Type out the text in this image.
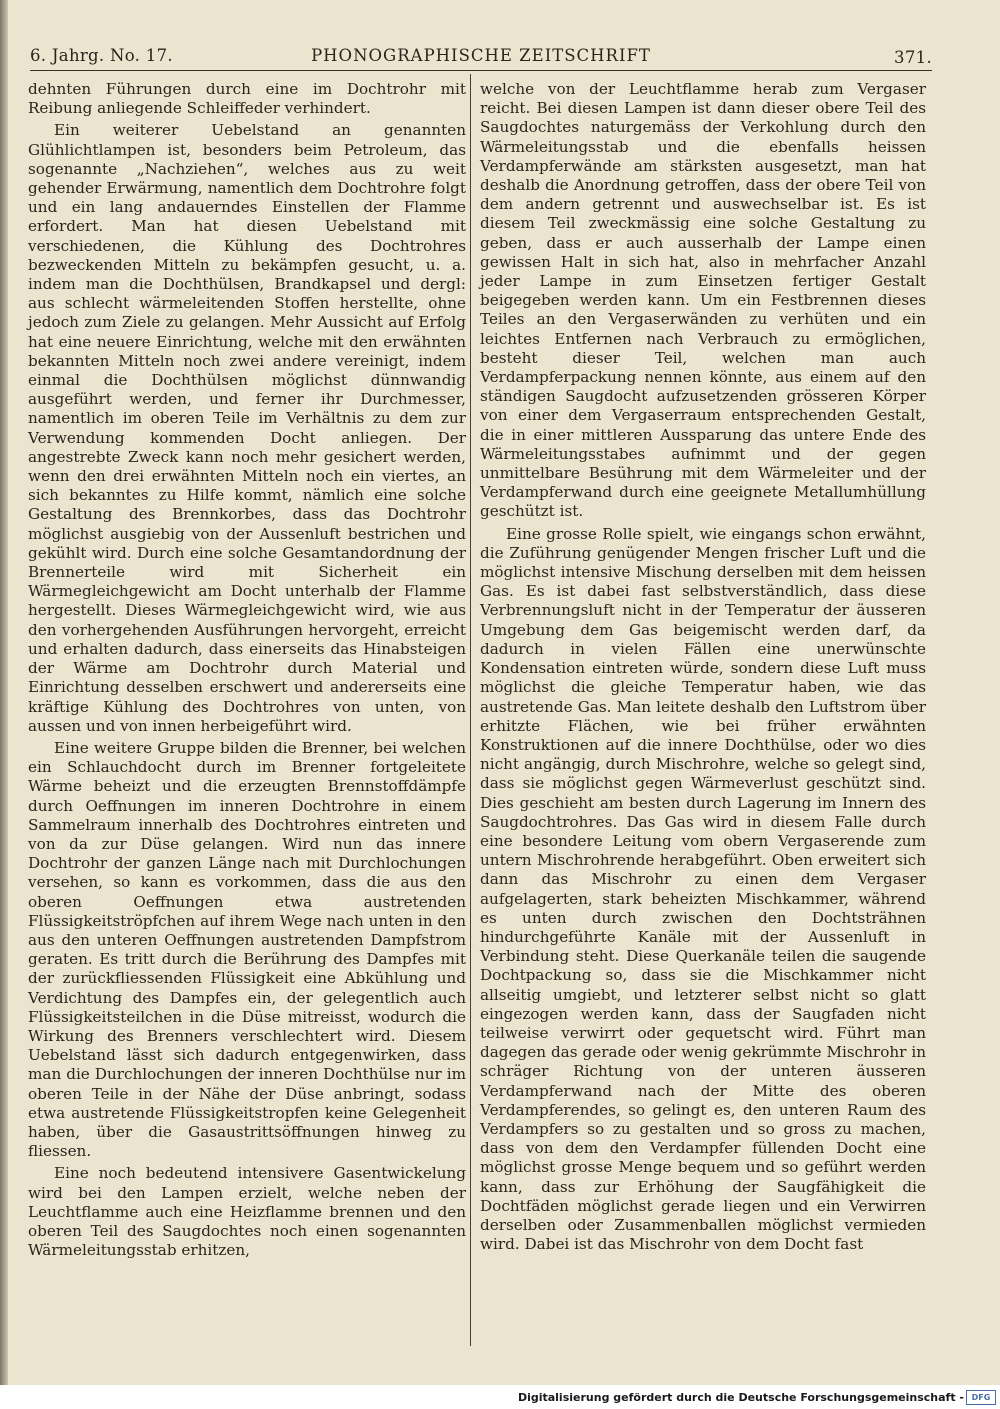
6. Jahrg. No. 17.	PHONOGRAPHISCHE ZEITSCHRIFT	371.

dehnten Führungen durch eine im Dochtrohr mit Reibung anliegende Schleiffeder verhindert.

Ein weiterer Uebelstand an genannten Glühlichtlampen ist, besonders beim Petroleum, das sogenannte „Nachziehen“, welches aus zu weit gehender Erwärmung, namentlich dem Dochtrohre folgt und ein lang andauerndes Einstellen der Flamme erfordert. Man hat diesen Uebelstand mit verschiedenen, die Kühlung des Dochtrohres bezweckenden Mitteln zu bekämpfen gesucht, u. a. indem man die Dochthülsen, Brandkapsel und dergl: aus schlecht wärmeleitenden Stoffen herstellte, ohne jedoch zum Ziele zu gelangen. Mehr Aussicht auf Erfolg hat eine neuere Einrichtung, welche mit den erwähnten bekannten Mitteln noch zwei andere vereinigt, indem einmal die Dochthülsen möglichst dünnwandig ausgeführt werden, und ferner ihr Durchmesser, namentlich im oberen Teile im Verhältnis zu dem zur Verwendung kommenden Docht anliegen. Der angestrebte Zweck kann noch mehr gesichert werden, wenn den drei erwähnten Mitteln noch ein viertes, an sich bekanntes zu Hilfe kommt, nämlich eine solche Gestaltung des Brennkorbes, dass das Dochtrohr möglichst ausgiebig von der Aussenluft bestrichen und gekühlt wird. Durch eine solche Gesamtandordnung der Brennerteile wird mit Sicherheit ein Wärmegleichgewicht am Docht unterhalb der Flamme hergestellt. Dieses Wärmegleichgewicht wird, wie aus den vorhergehenden Ausführungen hervorgeht, erreicht und erhalten dadurch, dass einerseits das Hinabsteigen der Wärme am Dochtrohr durch Material und Einrichtung desselben erschwert und andererseits eine kräftige Kühlung des Dochtrohres von unten, von aussen und von innen herbeigeführt wird.

Eine weitere Gruppe bilden die Brenner, bei welchen ein Schlauchdocht durch im Brenner fortgeleitete Wärme beheizt und die erzeugten Brennstoffdämpfe durch Oeffnungen im inneren Dochtrohre in einem Sammelraum innerhalb des Dochtrohres eintreten und von da zur Düse gelangen. Wird nun das innere Dochtrohr der ganzen Länge nach mit Durchlochungen versehen, so kann es vorkommen, dass die aus den oberen Oeffnungen etwa austretenden Flüssigkeitströpfchen auf ihrem Wege nach unten in den aus den unteren Oeffnungen austretenden Dampfstrom geraten. Es tritt durch die Berührung des Dampfes mit der zurückfliessenden Flüssigkeit eine Abkühlung und Verdichtung des Dampfes ein, der gelegentlich auch Flüssigkeitsteilchen in die Düse mitreisst, wodurch die Wirkung des Brenners verschlechtert wird. Diesem Uebelstand lässt sich dadurch entgegenwirken, dass man die Durchlochungen der inneren Dochthülse nur im oberen Teile in der Nähe der Düse anbringt, sodass etwa austretende Flüssigkeitstropfen keine Gelegenheit haben, über die Gasaustrittsöffnungen hinweg zu fliessen.

Eine noch bedeutend intensivere Gasentwickelung wird bei den Lampen erzielt, welche neben der Leuchtflamme auch eine Heizflamme brennen und den oberen Teil des Saugdochtes noch einen sogenannten Wärmeleitungsstab erhitzen,

welche von der Leuchtflamme herab zum Vergaser reicht. Bei diesen Lampen ist dann dieser obere Teil des Saugdochtes naturgemäss der Verkohlung durch den Wärmeleitungsstab und die ebenfalls heissen Verdampferwände am stärksten ausgesetzt, man hat deshalb die Anordnung getroffen, dass der obere Teil von dem andern getrennt und auswechselbar ist. Es ist diesem Teil zweckmässig eine solche Gestaltung zu geben, dass er auch ausserhalb der Lampe einen gewissen Halt in sich hat, also in mehrfacher Anzahl jeder Lampe in zum Einsetzen fertiger Gestalt beigegeben werden kann. Um ein Festbrennen dieses Teiles an den Vergaserwänden zu verhüten und ein leichtes Entfernen nach Verbrauch zu ermöglichen, besteht dieser Teil, welchen man auch Verdampferpackung nennen könnte, aus einem auf den ständigen Saugdocht aufzusetzenden grösseren Körper von einer dem Vergaserraum entsprechenden Gestalt, die in einer mittleren Aussparung das untere Ende des Wärmeleitungsstabes aufnimmt und der gegen unmittelbare Besührung mit dem Wärmeleiter und der Verdampferwand durch eine geeignete Metallumhüllung geschützt ist.

Eine grosse Rolle spielt, wie eingangs schon erwähnt, die Zuführung genügender Mengen frischer Luft und die möglichst intensive Mischung derselben mit dem heissen Gas. Es ist dabei fast selbstverständlich, dass diese Verbrennungsluft nicht in der Temperatur der äusseren Umgebung dem Gas beigemischt werden darf, da dadurch in vielen Fällen eine unerwünschte Kondensation eintreten würde, sondern diese Luft muss möglichst die gleiche Temperatur haben, wie das austretende Gas. Man leitete deshalb den Luftstrom über erhitzte Flächen, wie bei früher erwähnten Konstruktionen auf die innere Dochthülse, oder wo dies nicht angängig, durch Mischrohre, welche so gelegt sind, dass sie möglichst gegen Wärmeverlust geschützt sind. Dies geschieht am besten durch Lagerung im Innern des Saugdochtrohres. Das Gas wird in diesem Falle durch eine besondere Leitung vom obern Vergaserende zum untern Mischrohrende herabgeführt. Oben erweitert sich dann das Mischrohr zu einen dem Vergaser aufgelagerten, stark beheizten Mischkammer, während es unten durch zwischen den Dochtsträhnen hindurchgeführte Kanäle mit der Aussenluft in Verbindung steht. Diese Querkanäle teilen die saugende Dochtpackung so, dass sie die Mischkammer nicht allseitig umgiebt, und letzterer selbst nicht so glatt eingezogen werden kann, dass der Saugfaden nicht teilweise verwirrt oder gequetscht wird. Führt man dagegen das gerade oder wenig gekrümmte Mischrohr in schräger Richtung von der unteren äusseren Verdampferwand nach der Mitte des oberen Verdampferendes, so gelingt es, den unteren Raum des Verdampfers so zu gestalten und so gross zu machen, dass von dem den Verdampfer füllenden Docht eine möglichst grosse Menge bequem und so geführt werden kann, dass zur Erhöhung der Saugfähigkeit die Dochtfäden möglichst gerade liegen und ein Verwirren derselben oder Zusammenballen möglichst vermieden wird. Dabei ist das Mischrohr von dem Docht fast

Digitalisierung gefördert durch die Deutsche Forschungsgemeinschaft - DFG
